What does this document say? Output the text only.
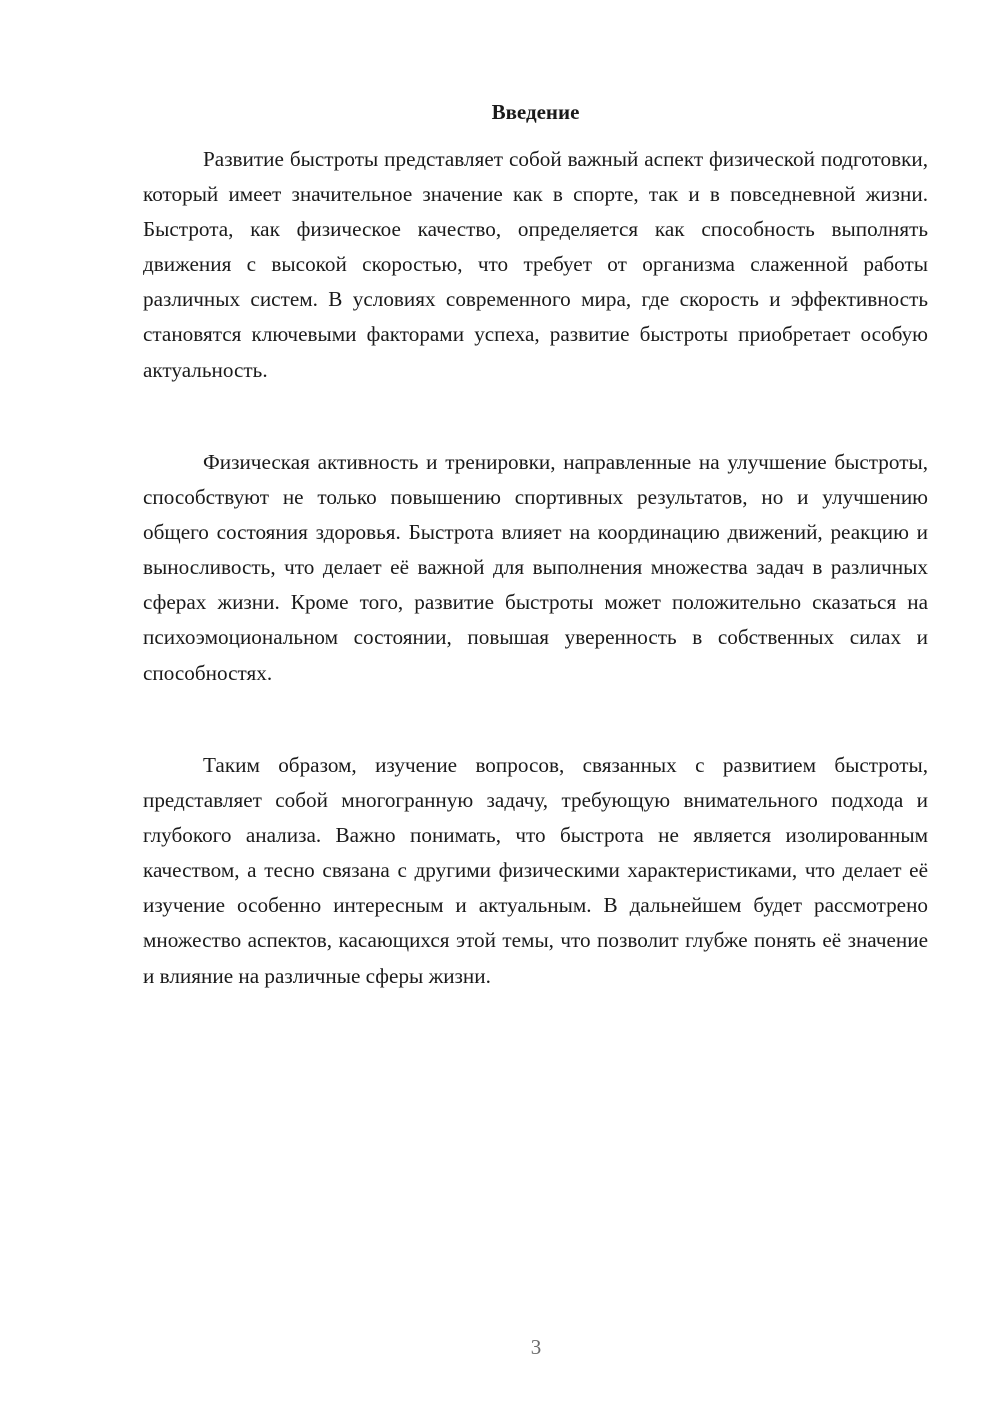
Введение

Развитие быстроты представляет собой важный аспект физической подготовки, который имеет значительное значение как в спорте, так и в повседневной жизни. Быстрота, как физическое качество, определяется как способность выполнять движения с высокой скоростью, что требует от организма слаженной работы различных систем. В условиях современного мира, где скорость и эффективность становятся ключевыми факторами успеха, развитие быстроты приобретает особую актуальность.

Физическая активность и тренировки, направленные на улучшение быстроты, способствуют не только повышению спортивных результатов, но и улучшению общего состояния здоровья. Быстрота влияет на координацию движений, реакцию и выносливость, что делает её важной для выполнения множества задач в различных сферах жизни. Кроме того, развитие быстроты может положительно сказаться на психоэмоциональном состоянии, повышая уверенность в собственных силах и способностях.

Таким образом, изучение вопросов, связанных с развитием быстроты, представляет собой многогранную задачу, требующую внимательного подхода и глубокого анализа. Важно понимать, что быстрота не является изолированным качеством, а тесно связана с другими физическими характеристиками, что делает её изучение особенно интересным и актуальным. В дальнейшем будет рассмотрено множество аспектов, касающихся этой темы, что позволит глубже понять её значение и влияние на различные сферы жизни.

3
